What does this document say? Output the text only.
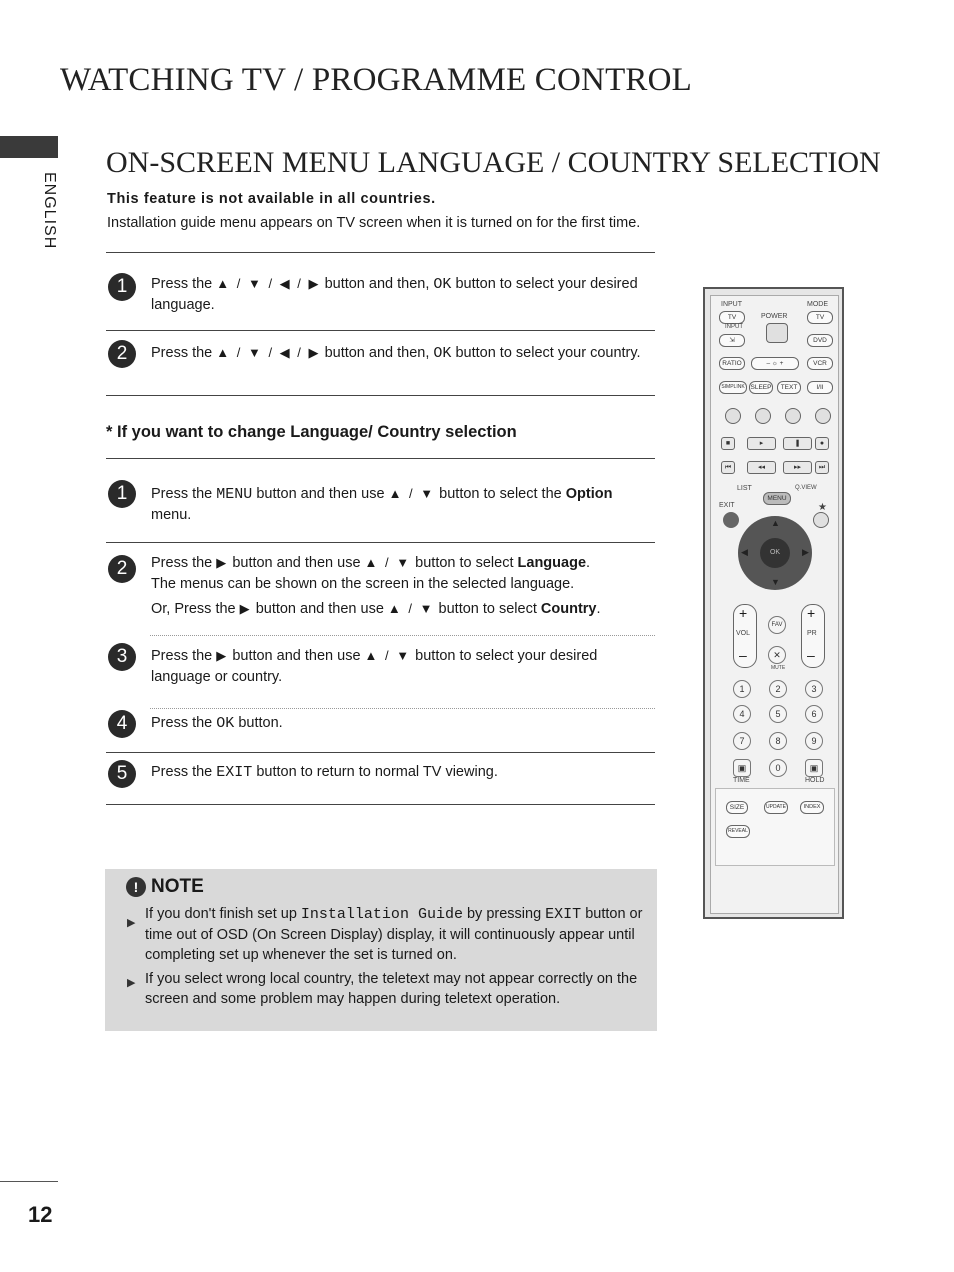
WATCHING TV / PROGRAMME CONTROL
ENGLISH
ON-SCREEN MENU LANGUAGE / COUNTRY SELECTION
This feature is not available in all countries.
Installation guide menu appears on TV screen when it is turned on for the first time.
1	Press the ▲ / ▼ / ◀ / ▶ button and then, OK button to select your desired language.
2	Press the ▲ / ▼ / ◀ / ▶ button and then, OK button to select your country.
* If you want to change Language/ Country selection
1	Press the MENU button and then use ▲ / ▼ button to select the Option menu.
2	Press the ▶ button and then use ▲ / ▼ button to select Language.
The menus can be shown on the screen in the selected language.
Or, Press the ▶ button and then use ▲ / ▼ button to select Country.
3	Press the ▶ button and then use ▲ / ▼ button to select your desired language or country.
4	Press the OK button.
5	Press the EXIT button to return to normal TV viewing.
! NOTE
▶
If you don't finish set up Installation Guide by pressing EXIT button or time out of OSD (On Screen Display) display, it will continuously appear until completing set up whenever the set is turned on.
▶ If you select wrong local country, the teletext may not appear correctly on the screen and some problem may happen during teletext operation.
INPUT	MODE
TV
INPUT
⇲
POWER	TV
DVD
RATIO	– ☼ +	VCR
SIMPLINK SLEEP	TEXT	I/II
■	▸	❚	●
⏮	◂◂	▸▸	⏭
LIST	Q.VIEW
MENU
EXIT	★
OK
▲
▼
◀	▶
+
VOL
–
FAV
+
PR
–
✕
MUTE
1	2	3
4	5	6
7	8	9
▣	0	▣
TIME	HOLD
SIZE	UPDATE	INDEX
REVEAL
12
